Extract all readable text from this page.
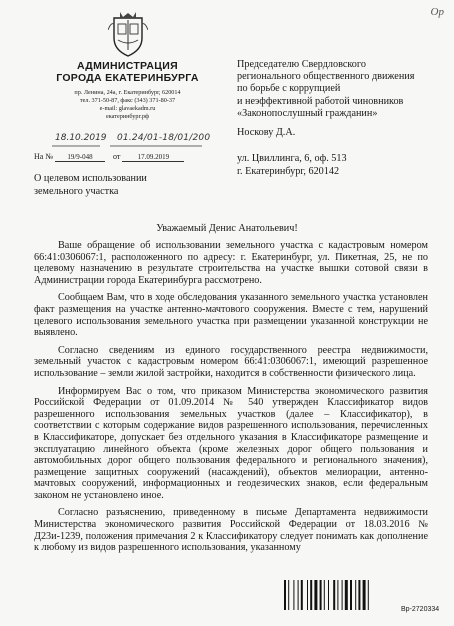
Ор
АДМИНИСТРАЦИЯ
ГОРОДА ЕКАТЕРИНБУРГА
пр. Ленина, 24а, г. Екатеринбург, 620014
тел. 371-50-87, факс (343) 371-80-37
e-mail: glavaekadm.ru
екатеринбург.рф
18.10.2019 01.24/01-18/01/200
На № 19/9-048	от 17.09.2019
Председателю Свердловского
регионального общественного движения
по борьбе с коррупцией
и неэффективной работой чиновников
«Законопослушный гражданин»
Носкову Д.А.
ул. Цвиллинга, 6, оф. 513
г. Екатеринбург, 620142
О целевом использовании
земельного участка
Уважаемый Денис Анатольевич!

Ваше обращение об использовании земельного участка с кадастровым номером 66:41:0306067:1, расположенного по адресу: г. Екатеринбург, ул. Пикетная, 25, не по целевому назначению в результате строительства на участке вышки сотовой связи в Администрации города Екатеринбурга рассмотрено.

Сообщаем Вам, что в ходе обследования указанного земельного участка установлен факт размещения на участке антенно-мачтового сооружения. Вместе с тем, нарушений целевого использования земельного участка при размещении указанной конструкции не выявлено.

Согласно сведениям из единого государственного реестра недвижимости, земельный участок с кадастровым номером 66:41:0306067:1, имеющий разрешенное использование – земли жилой застройки, находится в собственности физического лица.

Информируем Вас о том, что приказом Министерства экономического развития Российской Федерации от 01.09.2014 № 540 утвержден Классификатор видов разрешенного использования земельных участков (далее – Классификатор), в соответствии с которым содержание видов разрешенного использования, перечисленных в Классификаторе, допускает без отдельного указания в Классификаторе размещение и эксплуатацию линейного объекта (кроме железных дорог общего пользования и автомобильных дорог общего пользования федерального и регионального значения), размещение защитных сооружений (насаждений), объектов мелиорации, антенно-мачтовых сооружений, информационных и геодезических знаков, если федеральным законом не установлено иное.

Согласно разъяснению, приведенному в письме Департамента недвижимости Министерства экономического развития Российской Федерации от 18.03.2016 № Д23и-1239, положения примечания 2 к Классификатору следует понимать как дополнение к любому из видов разрешенного использования, указанному

Вр-2720334
